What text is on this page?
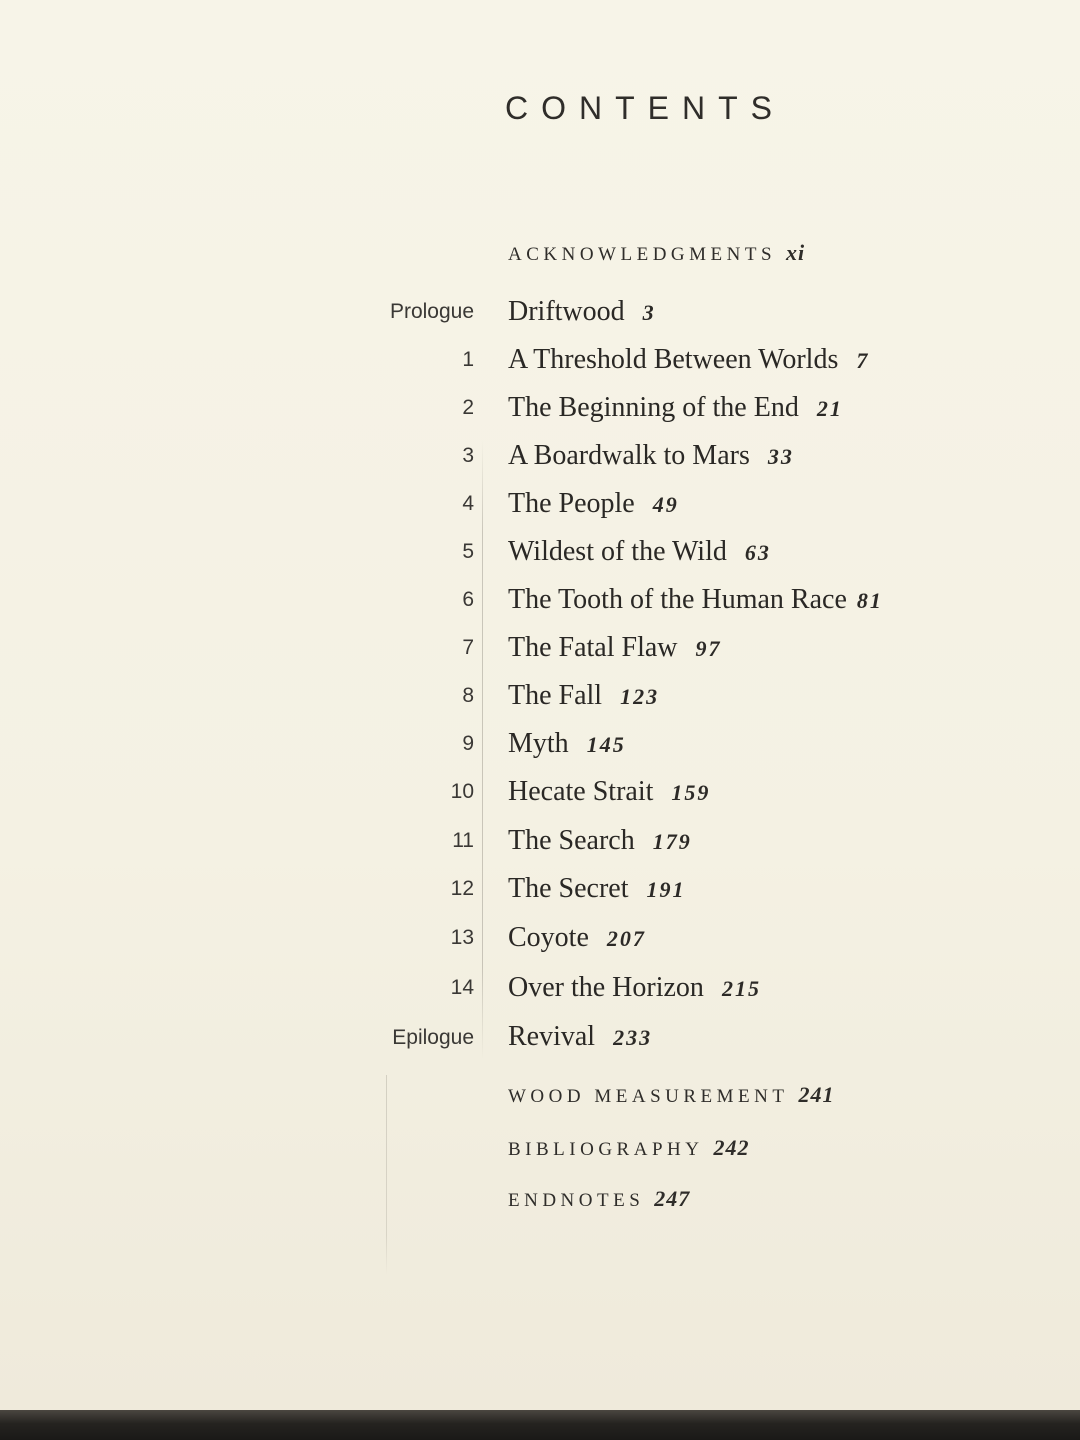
CONTENTS
ACKNOWLEDGMENTS xi
Prologue Driftwood 3
1 A Threshold Between Worlds 7
2 The Beginning of the End 21
3 A Boardwalk to Mars 33
4 The People 49
5 Wildest of the Wild 63
6 The Tooth of the Human Race 81
7 The Fatal Flaw 97
8 The Fall 123
9 Myth 145
10 Hecate Strait 159
11 The Search 179
12 The Secret 191
13 Coyote 207
14 Over the Horizon 215
Epilogue Revival 233
WOOD MEASUREMENT 241
BIBLIOGRAPHY 242
ENDNOTES 247
